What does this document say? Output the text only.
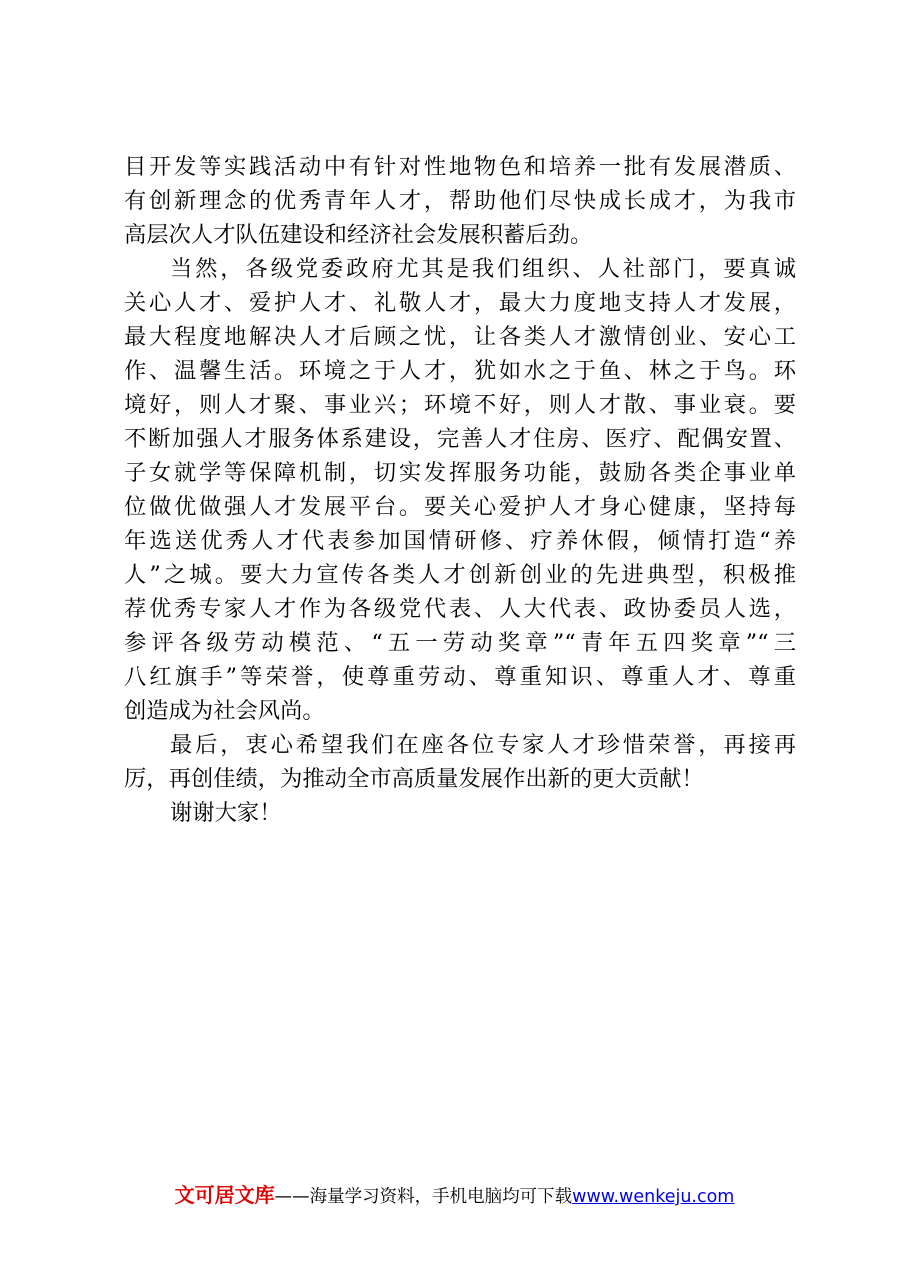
目开发等实践活动中有针对性地物色和培养一批有发展潜质、
有创新理念的优秀青年人才，帮助他们尽快成长成才，为我市
高层次人才队伍建设和经济社会发展积蓄后劲。
当然，各级党委政府尤其是我们组织、人社部门，要真诚
关心人才、爱护人才、礼敬人才，最大力度地支持人才发展，
最大程度地解决人才后顾之忧，让各类人才激情创业、安心工
作、温馨生活。环境之于人才，犹如水之于鱼、林之于鸟。环
境好，则人才聚、事业兴；环境不好，则人才散、事业衰。要
不断加强人才服务体系建设，完善人才住房、医疗、配偶安置、
子女就学等保障机制，切实发挥服务功能，鼓励各类企事业单
位做优做强人才发展平台。要关心爱护人才身心健康，坚持每
年选送优秀人才代表参加国情研修、疗养休假，倾情打造“养
人”之城。要大力宣传各类人才创新创业的先进典型，积极推
荐优秀专家人才作为各级党代表、人大代表、政协委员人选，
参评各级劳动模范、“五一劳动奖章”“青年五四奖章”“三
八红旗手”等荣誉，使尊重劳动、尊重知识、尊重人才、尊重
创造成为社会风尚。
最后，衷心希望我们在座各位专家人才珍惜荣誉，再接再
厉，再创佳绩，为推动全市高质量发展作出新的更大贡献！
谢谢大家！
文可居文库——海量学习资料，手机电脑均可下载www.wenkeju.com
